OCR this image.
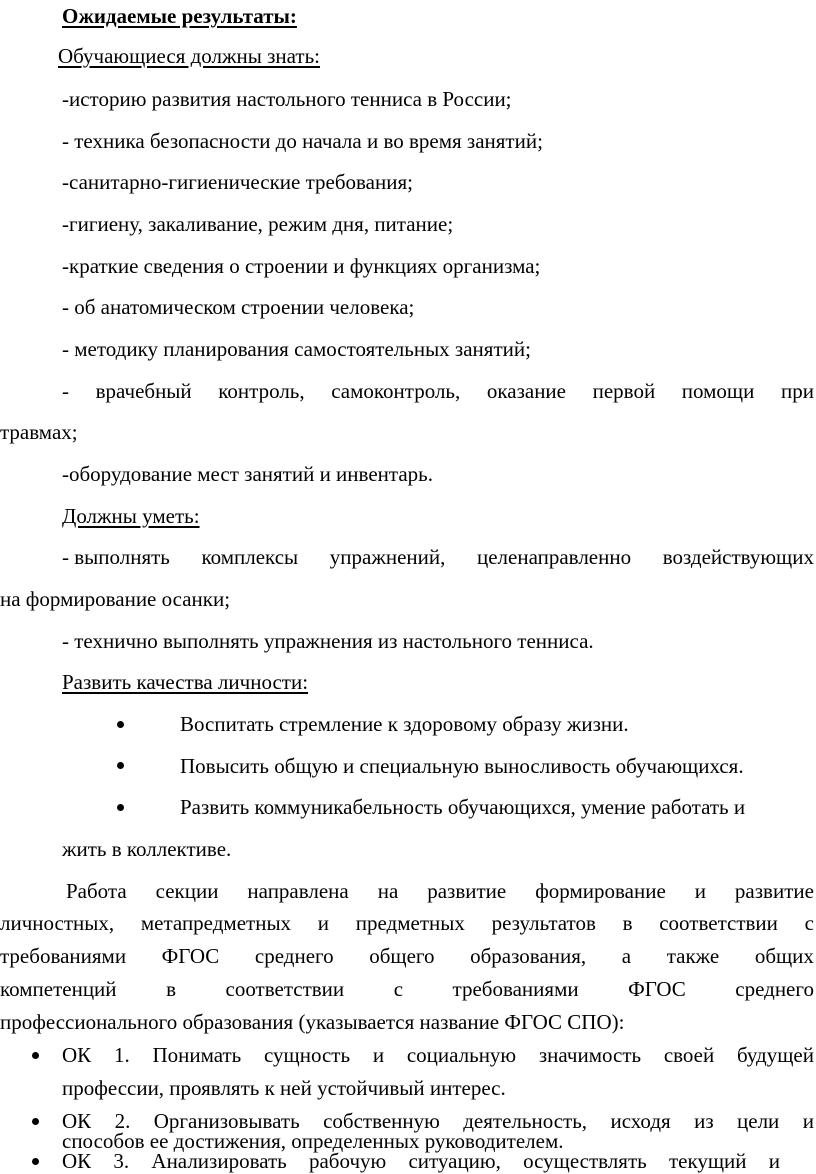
Ожидаемые результаты:
Обучающиеся должны знать:
-историю развития настольного тенниса в России;
- техника безопасности до начала и во время занятий;
-санитарно-гигиенические требования;
-гигиену, закаливание, режим дня, питание;
-краткие сведения о строении и функциях организма;
- об анатомическом строении человека;
- методику планирования самостоятельных занятий;
- врачебный контроль, самоконтроль, оказание первой помощи при
травмах;
-оборудование мест занятий и инвентарь.
Должны уметь:
- выполнять комплексы упражнений, целенаправленно воздействующих
на формирование осанки;
- технично выполнять упражнения из настольного тенниса.
Развить качества личности:
Воспитать стремление к здоровому образу жизни.
Повысить общую и специальную выносливость обучающихся.
Развить коммуникабельность обучающихся, умение работать и
жить в коллективе.
Работа секции направлена на развитие формирование и развитие
личностных, метапредметных и предметных результатов в соответствии с
требованиями ФГОС среднего общего образования, а также общих
компетенций в соответствии с требованиями ФГОС среднего
профессионального образования (указывается название ФГОС СПО):
ОК 1. Понимать сущность и социальную значимость своей будущей
профессии, проявлять к ней устойчивый интерес.
ОК 2. Организовывать собственную деятельность, исходя из цели и
способов ее достижения, определенных руководителем.
ОК 3. Анализировать рабочую ситуацию, осуществлять текущий и
